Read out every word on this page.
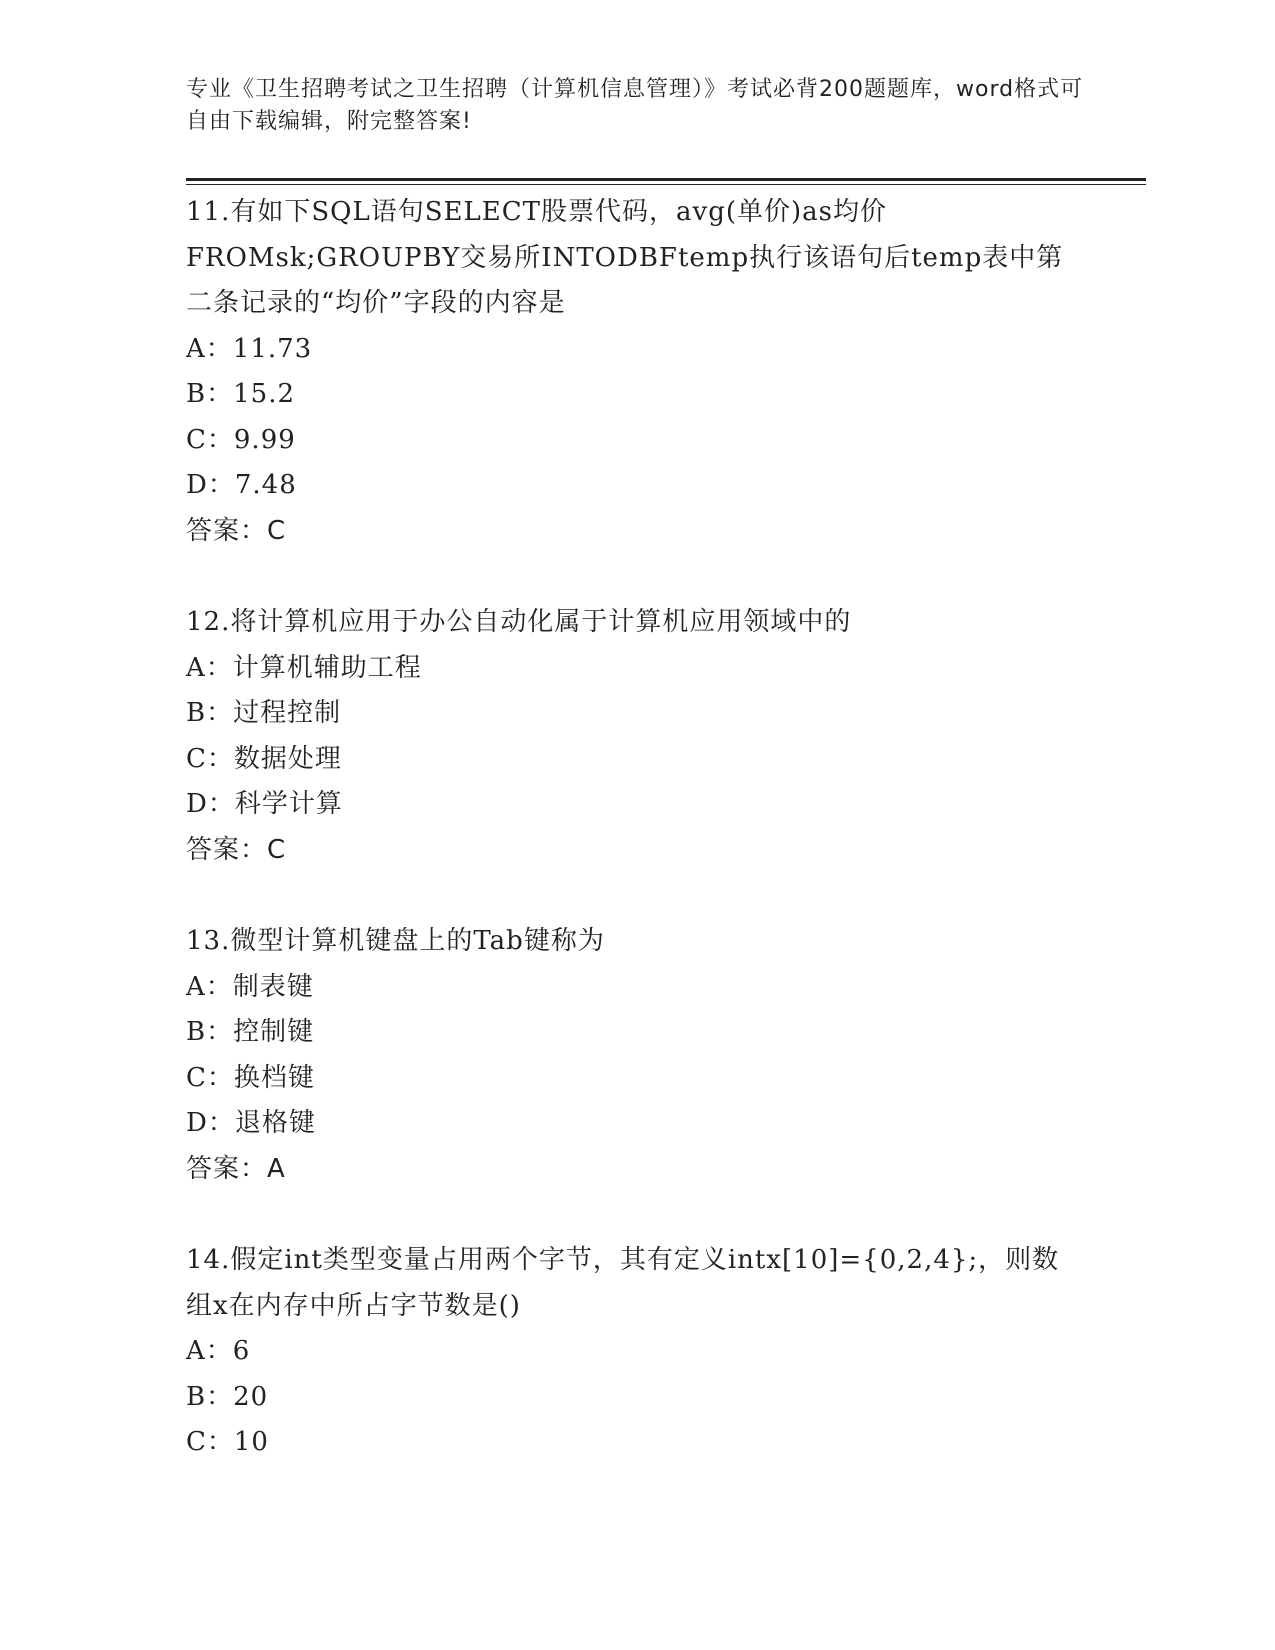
专业《卫生招聘考试之卫生招聘（计算机信息管理）》考试必背200题题库，word格式可自由下载编辑，附完整答案!

11.有如下SQL语句SELECT股票代码，avg(单价)as均价FROMsk;GROUPBY交易所INTODBFtemp执行该语句后temp表中第二条记录的“均价”字段的内容是

A：11.73

B：15.2

C：9.99

D：7.48

答案：C

12.将计算机应用于办公自动化属于计算机应用领域中的

A：计算机辅助工程

B：过程控制

C：数据处理

D：科学计算

答案：C

13.微型计算机键盘上的Tab键称为

A：制表键

B：控制键

C：换档键

D：退格键

答案：A

14.假定int类型变量占用两个字节，其有定义intx[10]={0,2,4};，则数组x在内存中所占字节数是()

A：6

B：20

C：10
